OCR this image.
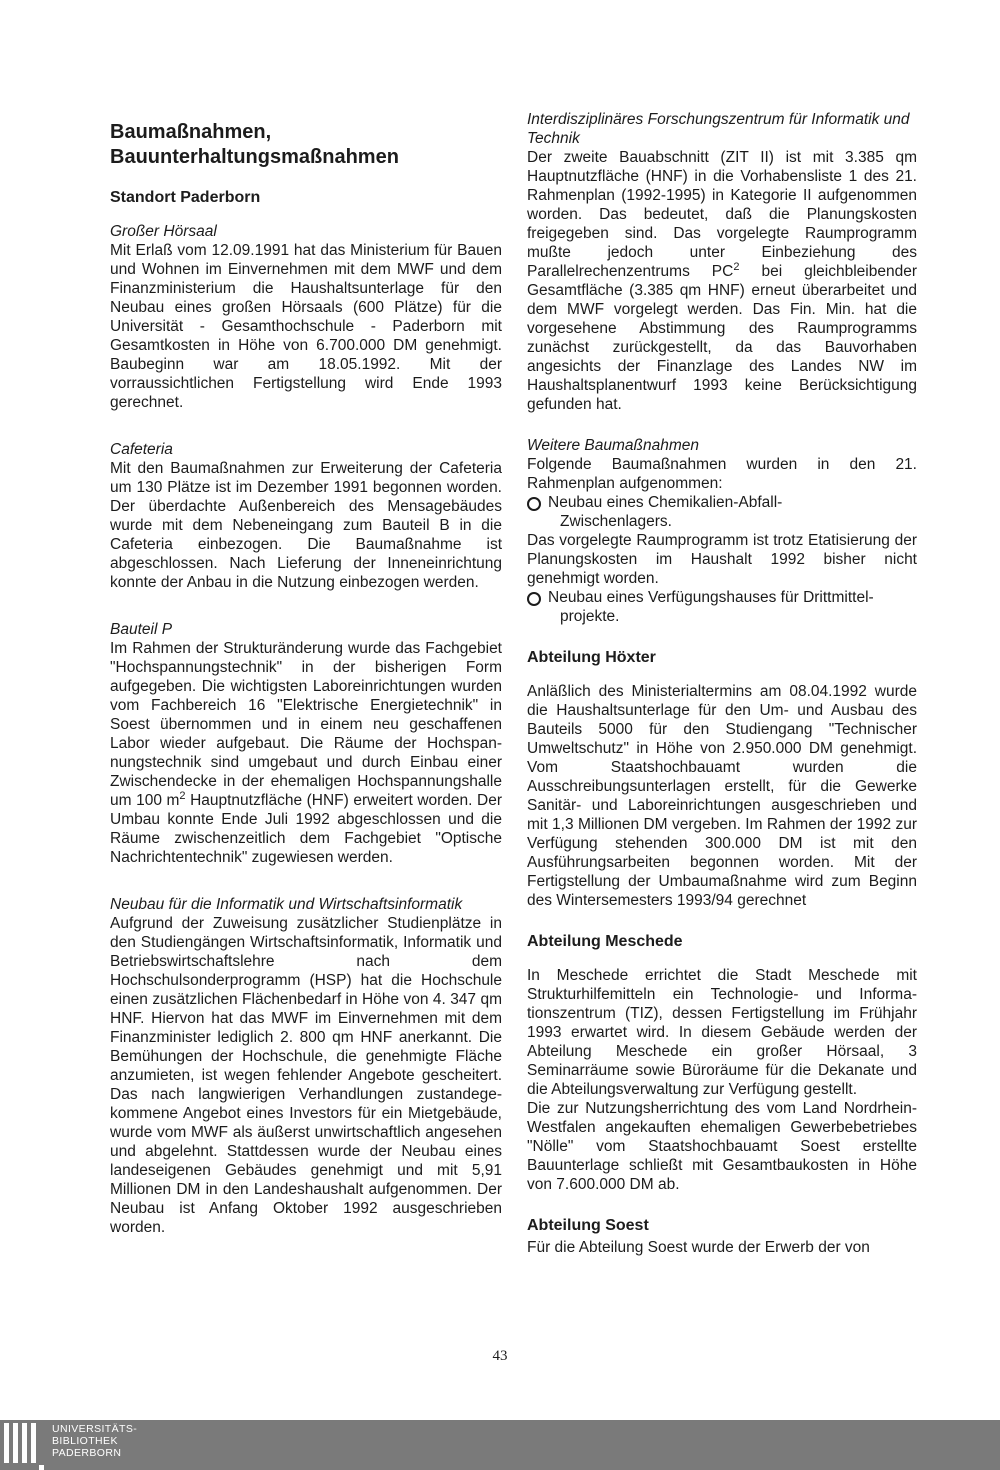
Baumaßnahmen,
Bauunterhaltungsmaßnahmen
Standort Paderborn

Großer Hörsaal

Mit Erlaß vom 12.09.1991 hat das Ministerium für Bauen und Wohnen im Einvernehmen mit dem MWF und dem Finanzministerium die Haushaltsunterlage für den Neubau eines großen Hörsaals (600 Plätze) für die Universität - Gesamthochschule - Paderborn mit Gesamtkosten in Höhe von 6.700.000 DM genehmigt. Baubeginn war am 18.05.1992. Mit der vorraussichtlichen Fertigstellung wird Ende 1993 gerechnet.

Cafeteria

Mit den Baumaßnahmen zur Erweiterung der Cafeteria um 130 Plätze ist im Dezember 1991 begonnen worden. Der überdachte Außenbereich des Mensagebäudes wurde mit dem Nebeneingang zum Bauteil B in die Cafeteria einbezogen. Die Baumaßnahme ist abgeschlossen. Nach Lieferung der Inneneinrichtung konnte der Anbau in die Nutzung einbezogen werden.

Bauteil P

Im Rahmen der Strukturänderung wurde das Fachgebiet "Hochspannungstechnik" in der bisherigen Form aufgegeben. Die wichtigsten Laboreinrichtungen wurden vom Fachbereich 16 "Elektrische Energietechnik" in Soest übernommen und in einem neu geschaffenen Labor wieder aufgebaut. Die Räume der Hochspannungstechnik sind umgebaut und durch Einbau einer Zwischendecke in der ehemaligen Hochspannungshalle um 100 $m^2$ Hauptnutzfläche (HNF) erweitert worden. Der Umbau konnte Ende Juli 1992 abgeschlossen und die Räume zwischenzeitlich dem Fachgebiet "Optische Nachrichtentechnik" zugewiesen werden.

Neubau für die Informatik und Wirtschaftsinformatik

Aufgrund der Zuweisung zusätzlicher Studienplätze in den Studiengängen Wirtschaftsinformatik, Informatik und Betriebswirtschaftslehre nach dem Hochschulsonderprogramm (HSP) hat die Hochschule einen zusätzlichen Flächenbedarf in Höhe von 4. 347 qm HNF. Hiervon hat das MWF im Einvernehmen mit dem Finanzminister lediglich 2. 800 qm HNF anerkannt. Die Bemühungen der Hochschule, die genehmigte Fläche anzumieten, ist wegen fehlender Angebote gescheitert. Das nach langwierigen Verhandlungen zustandegekommene Angebot eines Investors für ein Mietgebäude, wurde vom MWF als äußerst unwirtschaftlich angesehen und abgelehnt. Stattdessen wurde der Neubau eines landeseigenen Gebäudes genehmigt und mit 5,91 Millionen DM in den Landeshaushalt aufgenommen. Der Neubau ist Anfang Oktober 1992 ausgeschrieben worden.

Interdisziplinäres Forschungszentrum für Informatik und Technik

Der zweite Bauabschnitt (ZIT II) ist mit 3.385 qm Hauptnutzfläche (HNF) in die Vorhabensliste 1 des 21. Rahmenplan (1992-1995) in Kategorie II aufgenommen worden. Das bedeutet, daß die Planungskosten freigegeben sind. Das vorgelegte Raumprogramm mußte jedoch unter Einbeziehung des Parallelrechenzentrums $PC^2$ bei gleichbleibender Gesamtfläche (3.385 qm HNF) erneut überarbeitet und dem MWF vorgelegt werden. Das Fin. Min. hat die vorgesehene Abstimmung des Raumprogramms zunächst zurückgestellt, da das Bauvorhaben angesichts der Finanzlage des Landes NW im Haushaltsplanentwurf 1993 keine Berücksichtigung gefunden hat.

Weitere Baumaßnahmen

Folgende Baumaßnahmen wurden in den 21. Rahmenplan aufgenommen:

Neubau eines Chemikalien-Abfall-
Zwischenlagers.

Das vorgelegte Raumprogramm ist trotz Etatisierung der Planungskosten im Haushalt 1992 bisher nicht genehmigt worden.

Neubau eines Verfügungshauses für Drittmittel-
projekte.
Abteilung Höxter

Anläßlich des Ministerialtermins am 08.04.1992 wurde die Haushaltsunterlage für den Um- und Ausbau des Bauteils 5000 für den Studiengang "Technischer Umweltschutz" in Höhe von 2.950.000 DM genehmigt. Vom Staatshochbauamt wurden die Ausschreibungsunterlagen erstellt, für die Gewerke Sanitär- und Laboreinrichtungen ausgeschrieben und mit 1,3 Millionen DM vergeben. Im Rahmen der 1992 zur Verfügung stehenden 300.000 DM ist mit den Ausführungsarbeiten begonnen worden. Mit der Fertigstellung der Umbaumaßnahme wird zum Beginn des Wintersemesters 1993/94 gerechnet

Abteilung Meschede

In Meschede errichtet die Stadt Meschede mit Strukturhilfemitteln ein Technologie- und Informationszentrum (TIZ), dessen Fertigstellung im Frühjahr 1993 erwartet wird. In diesem Gebäude werden der Abteilung Meschede ein großer Hörsaal, 3 Seminarräume sowie Büroräume für die Dekanate und die Abteilungsverwaltung zur Verfügung gestellt.

Die zur Nutzungsherrichtung des vom Land Nordrhein-Westfalen angekauften ehemaligen Gewerbebetriebes "Nölle" vom Staatshochbauamt Soest erstellte Bauunterlage schließt mit Gesamtbaukosten in Höhe von 7.600.000 DM ab.

Abteilung Soest

Für die Abteilung Soest wurde der Erwerb der von

43
UNIVERSITÄTS-
BIBLIOTHEK
PADERBORN
